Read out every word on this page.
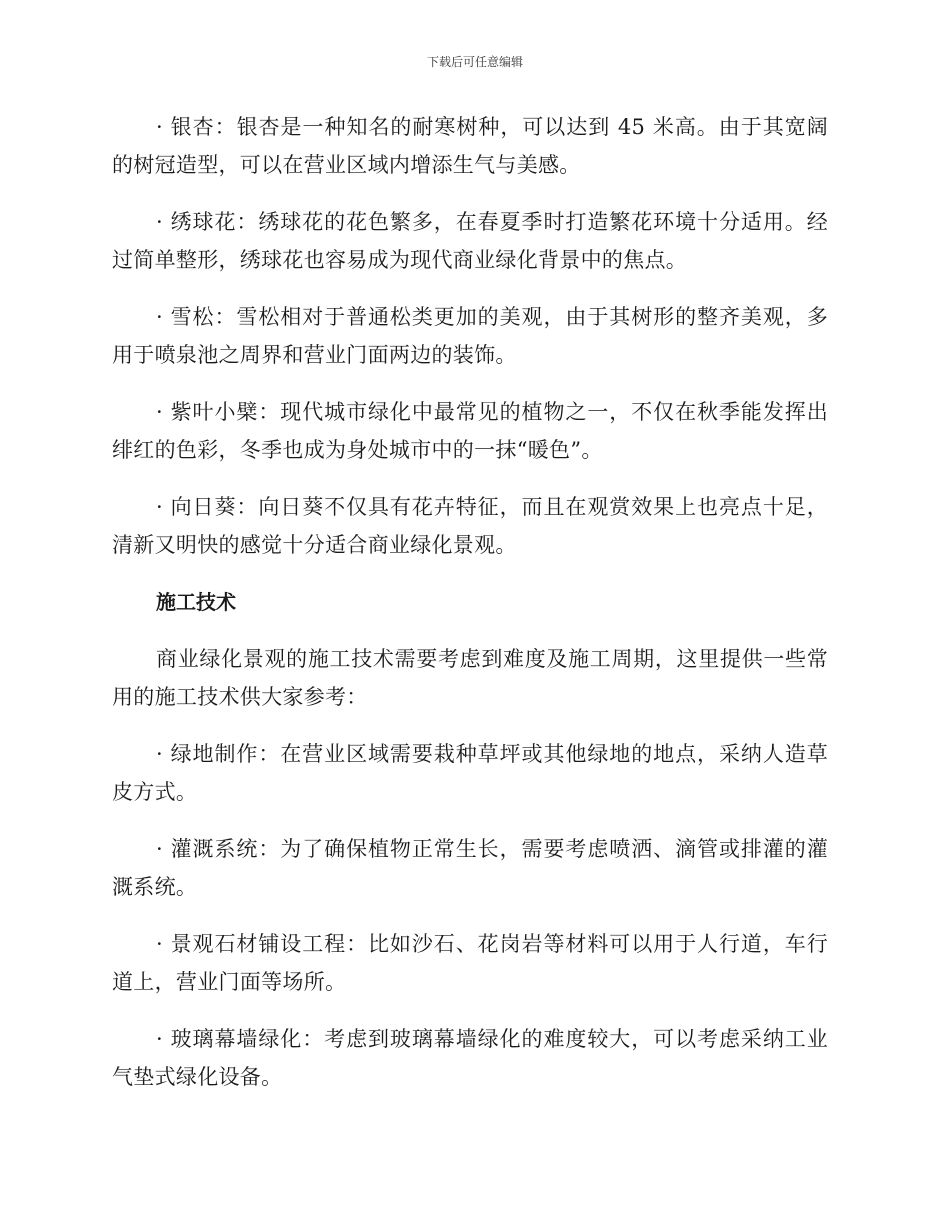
下载后可任意编辑

· 银杏：银杏是一种知名的耐寒树种，可以达到 45 米高。由于其宽阔的树冠造型，可以在营业区域内增添生气与美感。

· 绣球花：绣球花的花色繁多，在春夏季时打造繁花环境十分适用。经过简单整形，绣球花也容易成为现代商业绿化背景中的焦点。

· 雪松：雪松相对于普通松类更加的美观，由于其树形的整齐美观，多用于喷泉池之周界和营业门面两边的装饰。

· 紫叶小檗：现代城市绿化中最常见的植物之一，不仅在秋季能发挥出绯红的色彩，冬季也成为身处城市中的一抹“暖色”。

· 向日葵：向日葵不仅具有花卉特征，而且在观赏效果上也亮点十足，清新又明快的感觉十分适合商业绿化景观。

施工技术

商业绿化景观的施工技术需要考虑到难度及施工周期，这里提供一些常用的施工技术供大家参考：

· 绿地制作：在营业区域需要栽种草坪或其他绿地的地点，采纳人造草皮方式。

· 灌溉系统：为了确保植物正常生长，需要考虑喷洒、滴管或排灌的灌溉系统。

· 景观石材铺设工程：比如沙石、花岗岩等材料可以用于人行道，车行道上，营业门面等场所。

· 玻璃幕墙绿化：考虑到玻璃幕墙绿化的难度较大，可以考虑采纳工业气垫式绿化设备。
